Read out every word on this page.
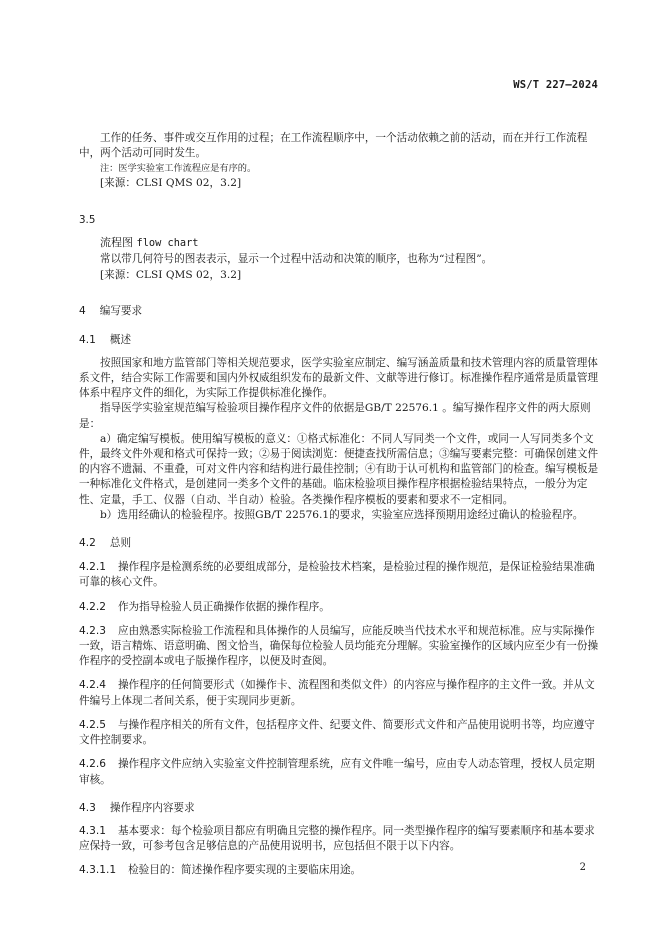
WS/T 227—2024

工作的任务、事件或交互作用的过程；在工作流程顺序中，一个活动依赖之前的活动，而在并行工作流程中，两个活动可同时发生。

注：医学实验室工作流程应是有序的。

[来源：CLSI QMS 02，3.2]

3.5

流程图 flow chart

常以带几何符号的图表表示，显示一个过程中活动和决策的顺序，也称为“过程图”。

[来源：CLSI QMS 02，3.2]

4 编写要求

4.1 概述

按照国家和地方监管部门等相关规范要求，医学实验室应制定、编写涵盖质量和技术管理内容的质量管理体系文件，结合实际工作需要和国内外权威组织发布的最新文件、文献等进行修订。标准操作程序通常是质量管理体系中程序文件的细化，为实际工作提供标准化操作。

指导医学实验室规范编写检验项目操作程序文件的依据是GB/T 22576.1 。编写操作程序文件的两大原则是：

a）确定编写模板。使用编写模板的意义：①格式标准化：不同人写同类一个文件，或同一人写同类多个文件，最终文件外观和格式可保持一致；②易于阅读浏览：便捷查找所需信息；③编写要素完整：可确保创建文件的内容不遗漏、不重叠，可对文件内容和结构进行最佳控制；④有助于认可机构和监管部门的检查。编写模板是一种标准化文件格式，是创建同一类多个文件的基础。临床检验项目操作程序根据检验结果特点，一般分为定性、定量，手工、仪器（自动、半自动）检验。各类操作程序模板的要素和要求不一定相同。

b）选用经确认的检验程序。按照GB/T 22576.1的要求，实验室应选择预期用途经过确认的检验程序。

4.2 总则

4.2.1 操作程序是检测系统的必要组成部分，是检验技术档案，是检验过程的操作规范，是保证检验结果准确可靠的核心文件。

4.2.2 作为指导检验人员正确操作依据的操作程序。

4.2.3 应由熟悉实际检验工作流程和具体操作的人员编写，应能反映当代技术水平和规范标准。应与实际操作一致，语言精炼、语意明确、图文恰当，确保每位检验人员均能充分理解。实验室操作的区域内应至少有一份操作程序的受控副本或电子版操作程序，以便及时查阅。

4.2.4 操作程序的任何简要形式（如操作卡、流程图和类似文件）的内容应与操作程序的主文件一致。并从文件编号上体现二者间关系，便于实现同步更新。

4.2.5 与操作程序相关的所有文件，包括程序文件、纪要文件、简要形式文件和产品使用说明书等，均应遵守文件控制要求。

4.2.6 操作程序文件应纳入实验室文件控制管理系统，应有文件唯一编号，应由专人动态管理，授权人员定期审核。

4.3 操作程序内容要求

4.3.1 基本要求：每个检验项目都应有明确且完整的操作程序。同一类型操作程序的编写要素顺序和基本要求应保持一致，可参考包含足够信息的产品使用说明书，应包括但不限于以下内容。

4.3.1.1 检验目的：简述操作程序要实现的主要临床用途。	2
